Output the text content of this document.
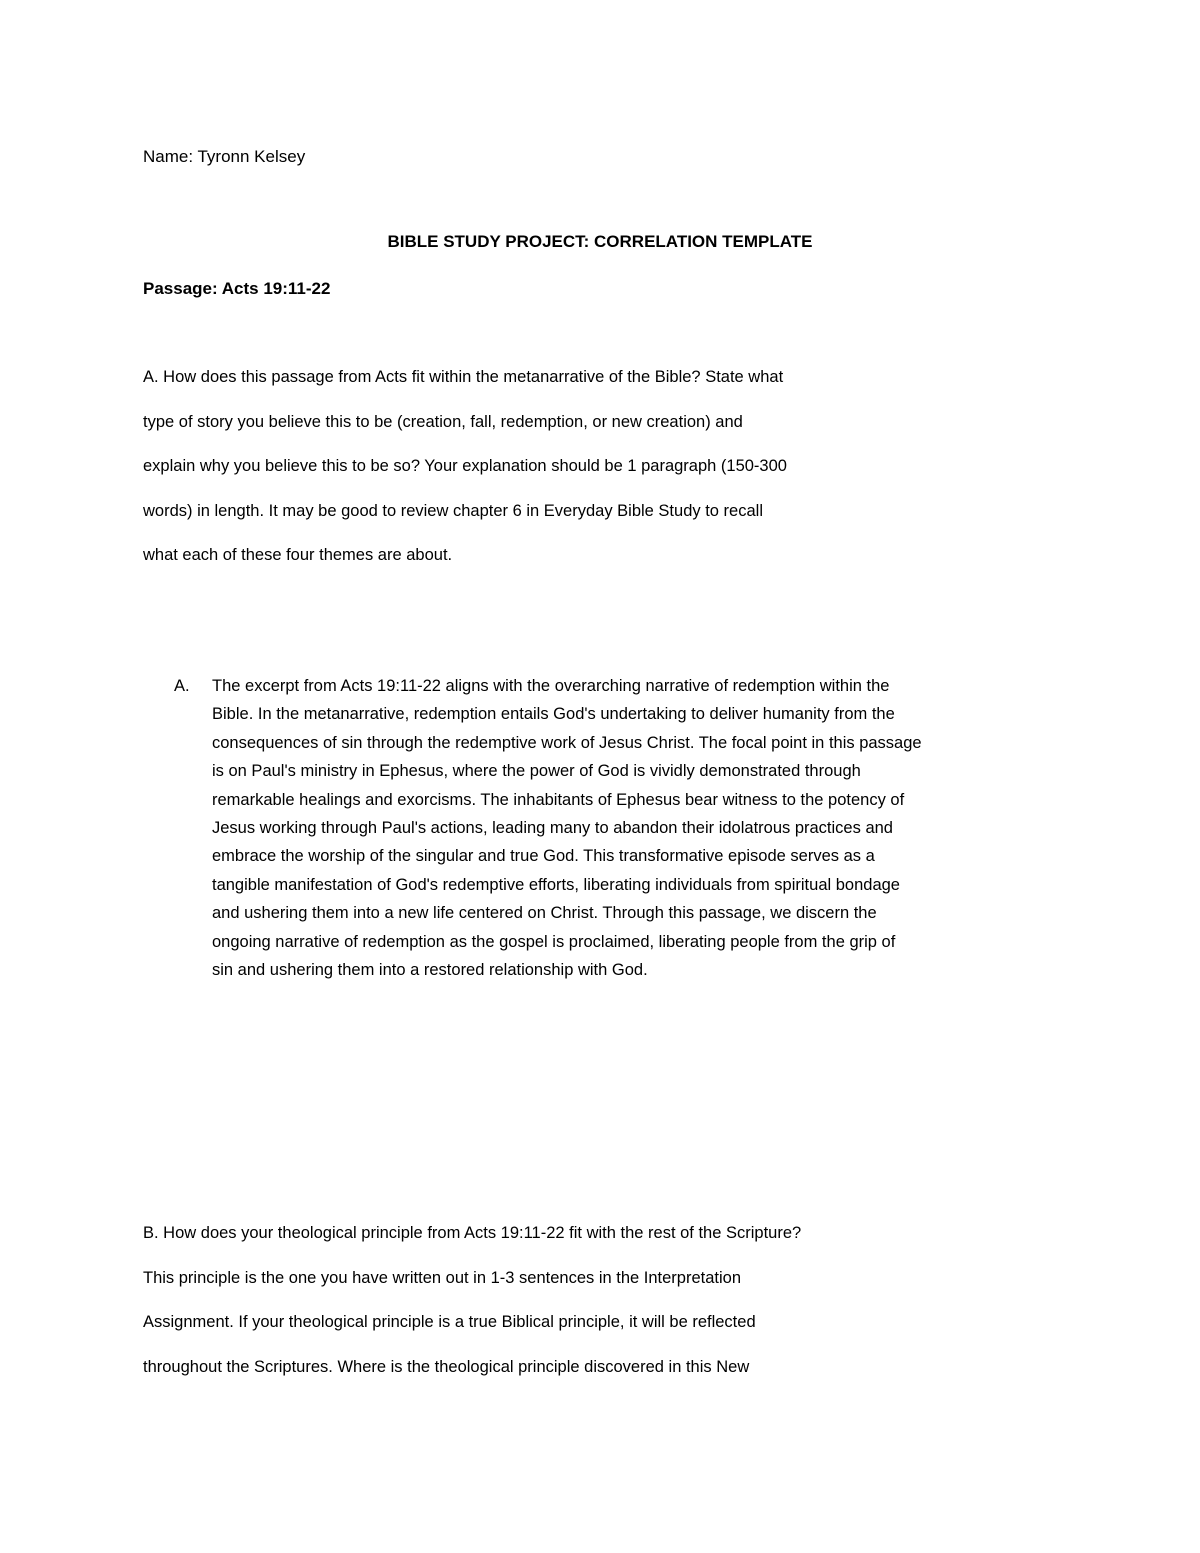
Name: Tyronn Kelsey
BIBLE STUDY PROJECT: CORRELATION TEMPLATE
Passage: Acts 19:11-22
A. How does this passage from Acts fit within the metanarrative of the Bible? State what
type of story you believe this to be (creation, fall, redemption, or new creation) and
explain why you believe this to be so? Your explanation should be 1 paragraph (150-300
words) in length. It may be good to review chapter 6 in Everyday Bible Study to recall
what each of these four themes are about.
A. The excerpt from Acts 19:11-22 aligns with the overarching narrative of redemption within the
Bible. In the metanarrative, redemption entails God's undertaking to deliver humanity from the
consequences of sin through the redemptive work of Jesus Christ. The focal point in this passage
is on Paul's ministry in Ephesus, where the power of God is vividly demonstrated through
remarkable healings and exorcisms. The inhabitants of Ephesus bear witness to the potency of
Jesus working through Paul's actions, leading many to abandon their idolatrous practices and
embrace the worship of the singular and true God. This transformative episode serves as a
tangible manifestation of God's redemptive efforts, liberating individuals from spiritual bondage
and ushering them into a new life centered on Christ. Through this passage, we discern the
ongoing narrative of redemption as the gospel is proclaimed, liberating people from the grip of
sin and ushering them into a restored relationship with God.
B. How does your theological principle from Acts 19:11-22 fit with the rest of the Scripture?
This principle is the one you have written out in 1-3 sentences in the Interpretation
Assignment. If your theological principle is a true Biblical principle, it will be reflected
throughout the Scriptures. Where is the theological principle discovered in this New
